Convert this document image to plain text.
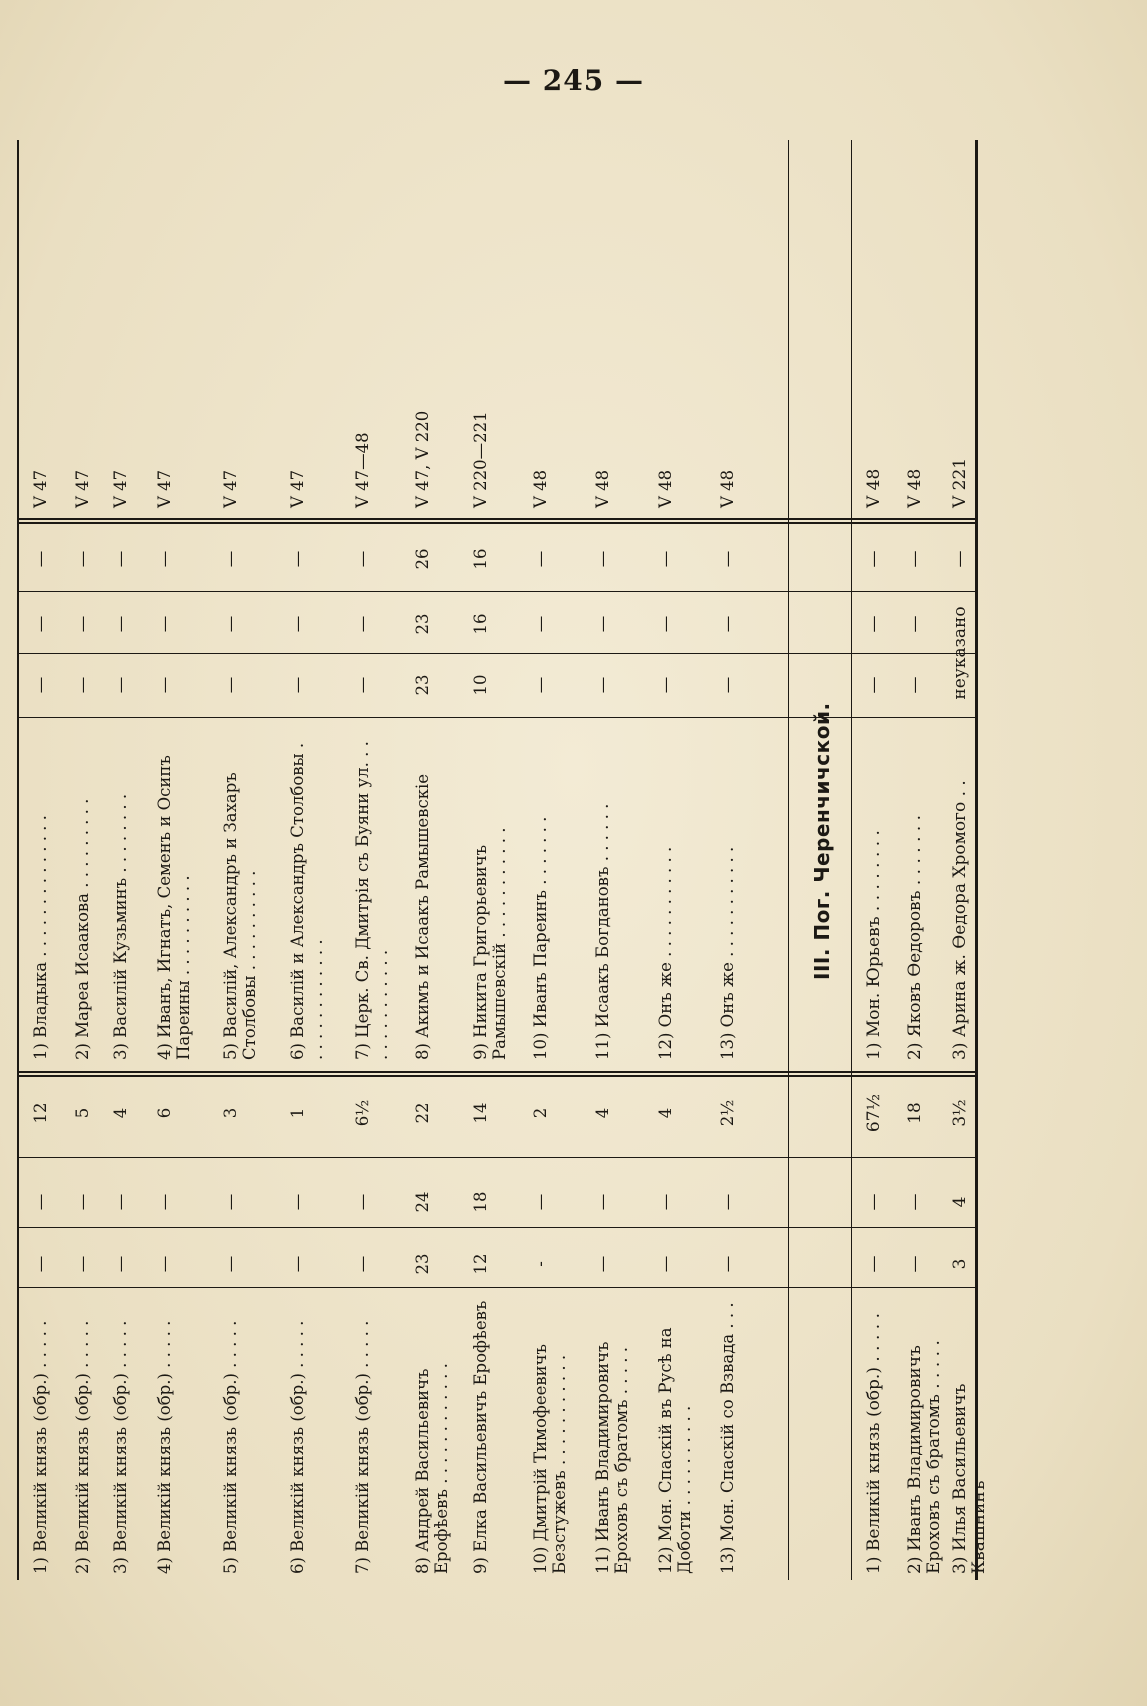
— 245 —
1) Великій князь (обр.) . . . . .
—
—
12
1) Владыка . . . . . . . . . . . . . .
—
—
—
V 47
2) Великій князь (обр.) . . . . .
—
—
5
2) Мареа Исаакова . . . . . . . . .
—
—
—
V 47
3) Великій князь (обр.) . . . . .
—
—
4
3) Василій Кузьминъ . . . . . . . .
—
—
—
V 47
4) Великій князь (обр.) . . . . .
—
—
6
4) Иванъ, Игнатъ, Семенъ и Осипъ Пареины . . . . . . . . . .
—
—
—
V 47
5) Великій князь (обр.) . . . . .
—
—
3
5) Василій, Александръ и Захаръ Столбовы . . . . . . . . . .
—
—
—
V 47
6) Великій князь (обр.) . . . . .
—
—
1
6) Василій и Александръ Столбовы . . . . . . . . . . . . .
—
—
—
V 47
7) Великій князь (обр.) . . . . .
—
—
6½
7) Церк. Св. Дмитрія съ Буяни ул. . . . . . . . . . . . . .
—
—
—
V 47—48
8) Андрей Васильевичъ Ерофѣевъ . . . . . . . . . . . .
23
24
22
8) Акимъ и Исаакъ Рамышевскіе
23
23
26
V 47, V 220
9) Елка Васильевичъ Ерофѣевъ
12
18
14
9) Никита Григорьевичъ Рамышевскій . . . . . . . . . . .
10
16
16
V 220—221
10) Дмитрій Тимофеевичъ Безстужевъ . . . . . . . . . . .
-
—
2
10) Иванъ Пареинъ . . . . . . .
—
—
—
V 48
11) Иванъ Владимировичъ Ероховъ съ братомъ . . . . .
—
—
4
11) Исаакъ Богдановъ . . . . . .
—
—
—
V 48
12) Мон. Спаскій въ Русѣ на Доботи . . . . . . . . . .
—
—
4
12) Онъ же . . . . . . . . . . .
—
—
—
V 48
13) Мон. Спаскій со Взвада . . .
—
—
2½
13) Онъ же . . . . . . . . . . .
—
—
—
V 48
III. Пог. Черенчичской.
1) Великій князь (обр.) . . . . .
—
—
67½
1) Мон. Юрьевъ . . . . . . . .
—
—
—
V 48
2) Иванъ Владимировичъ Ероховъ съ братомъ . . . . .
—
—
18
2) Яковъ Ѳедоровъ . . . . . . .
—
—
—
V 48
3) Илья Васильевичъ Квашнинъ
3
4
3½
3) Арина ж. Ѳедора Хромого . .
неуказано
—
V 221
